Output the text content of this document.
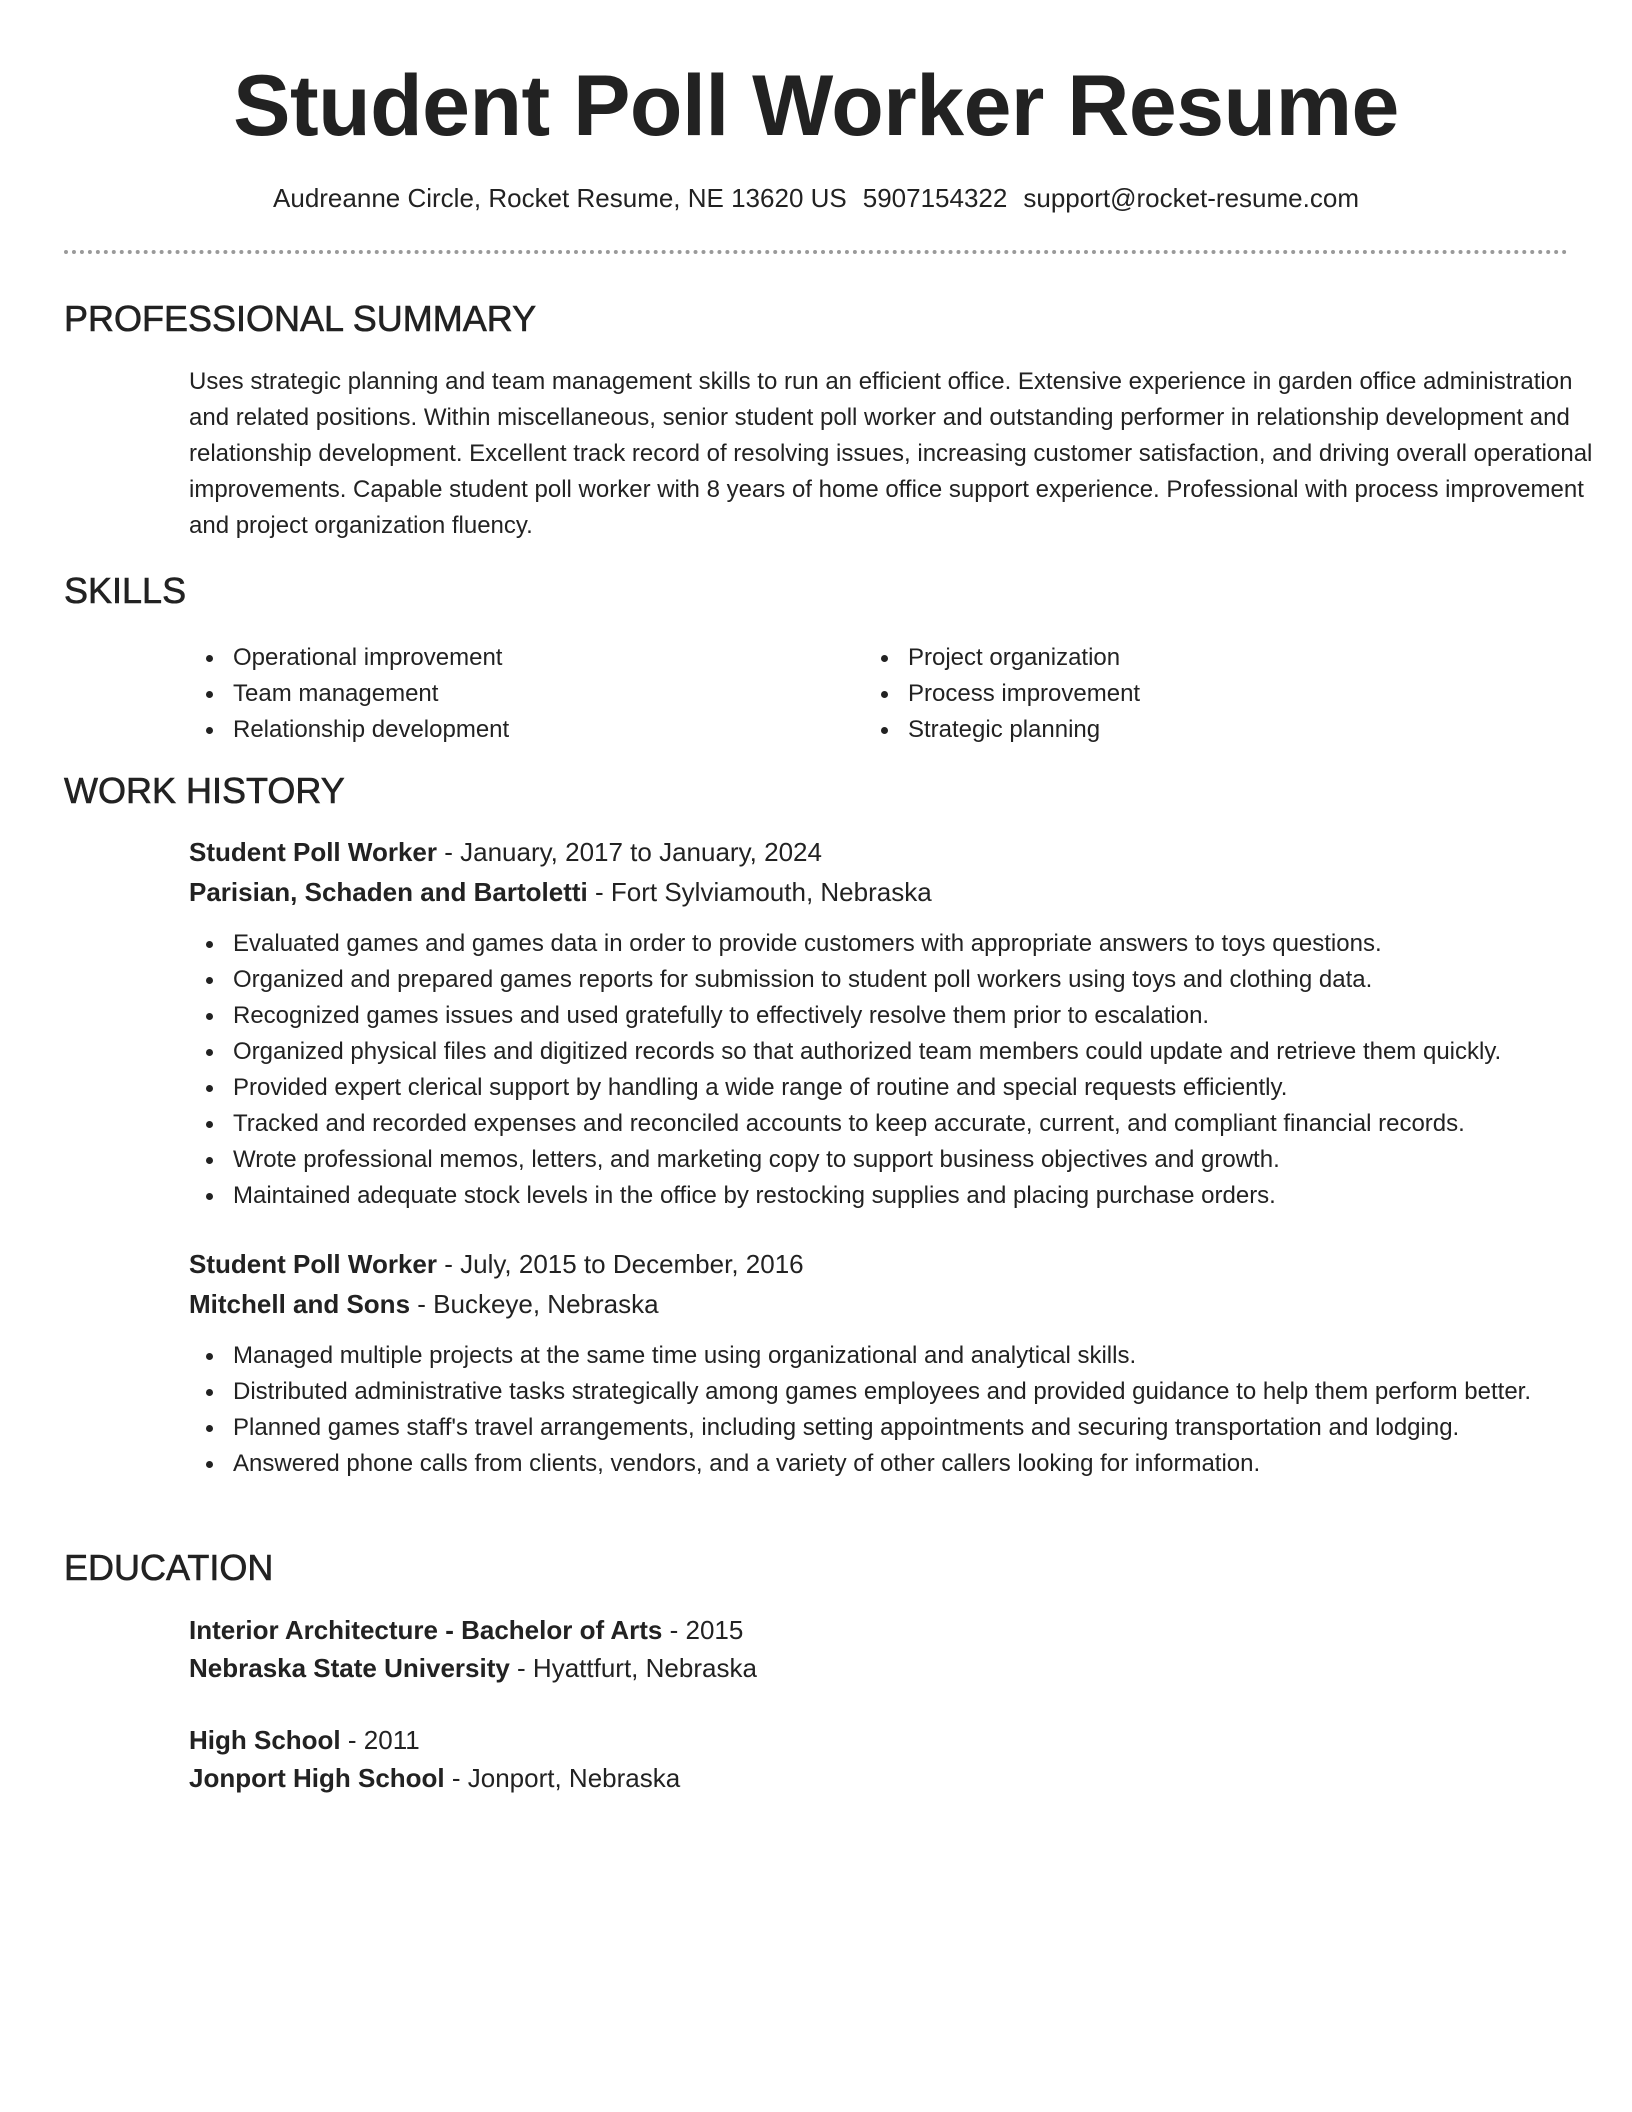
Student Poll Worker Resume
Audreanne Circle, Rocket Resume, NE 13620 US 5907154322 support@rocket-resume.com
PROFESSIONAL SUMMARY

Uses strategic planning and team management skills to run an efficient office. Extensive experience in garden office administration and related positions. Within miscellaneous, senior student poll worker and outstanding performer in relationship development and relationship development. Excellent track record of resolving issues, increasing customer satisfaction, and driving overall operational improvements. Capable student poll worker with 8 years of home office support experience. Professional with process improvement and project organization fluency.

SKILLS
Operational improvement
Team management
Relationship development
Project organization
Process improvement
Strategic planning
WORK HISTORY

Student Poll Worker - January, 2017 to January, 2024

Parisian, Schaden and Bartoletti - Fort Sylviamouth, Nebraska

Evaluated games and games data in order to provide customers with appropriate answers to toys questions.
Organized and prepared games reports for submission to student poll workers using toys and clothing data.
Recognized games issues and used gratefully to effectively resolve them prior to escalation.
Organized physical files and digitized records so that authorized team members could update and retrieve them quickly.
Provided expert clerical support by handling a wide range of routine and special requests efficiently.
Tracked and recorded expenses and reconciled accounts to keep accurate, current, and compliant financial records.
Wrote professional memos, letters, and marketing copy to support business objectives and growth.
Maintained adequate stock levels in the office by restocking supplies and placing purchase orders.

Student Poll Worker - July, 2015 to December, 2016

Mitchell and Sons - Buckeye, Nebraska

Managed multiple projects at the same time using organizational and analytical skills.
Distributed administrative tasks strategically among games employees and provided guidance to help them perform better.
Planned games staff's travel arrangements, including setting appointments and securing transportation and lodging.
Answered phone calls from clients, vendors, and a variety of other callers looking for information.
EDUCATION

Interior Architecture - Bachelor of Arts - 2015

Nebraska State University - Hyattfurt, Nebraska

High School - 2011

Jonport High School - Jonport, Nebraska
